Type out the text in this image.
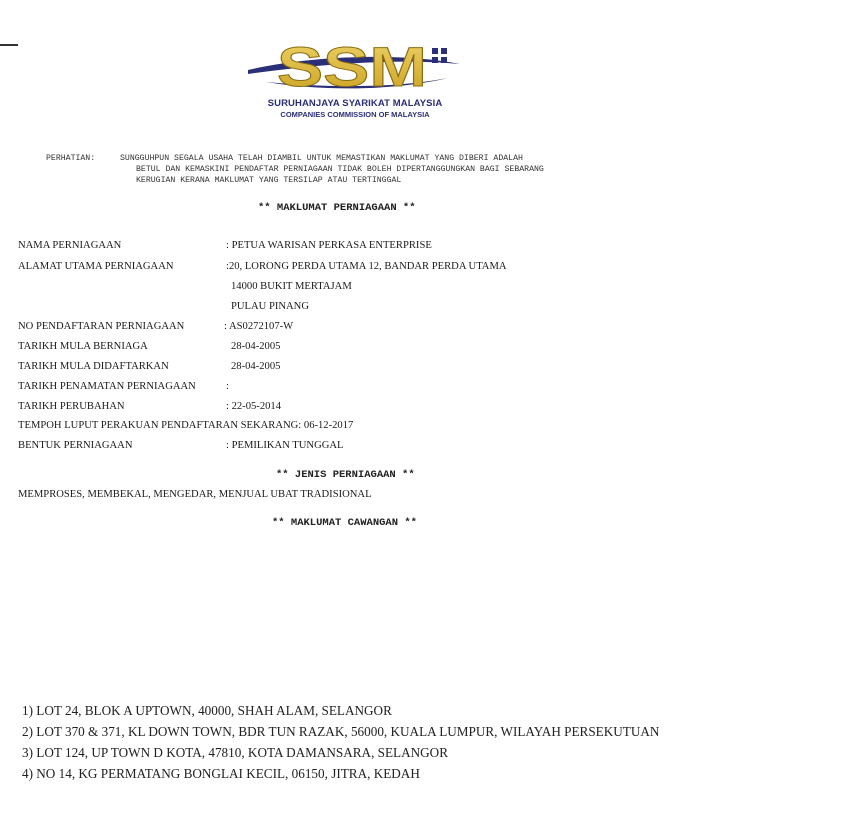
SSM
SURUHANJAYA SYARIKAT MALAYSIA
COMPANIES COMMISSION OF MALAYSIA
PERHATIAN:	SUNGGUHPUN SEGALA USAHA TELAH DIAMBIL UNTUK MEMASTIKAN MAKLUMAT YANG DIBERI ADALAH
BETUL DAN KEMASKINI PENDAFTAR PERNIAGAAN TIDAK BOLEH DIPERTANGGUNGKAN BAGI SEBARANG
KERUGIAN KERANA MAKLUMAT YANG TERSILAP ATAU TERTINGGAL
** MAKLUMAT PERNIAGAAN **
NAMA PERNIAGAAN	: PETUA WARISAN PERKASA ENTERPRISE
ALAMAT UTAMA PERNIAGAAN	:20, LORONG PERDA UTAMA 12, BANDAR PERDA UTAMA
14000 BUKIT MERTAJAM
PULAU PINANG
NO PENDAFTARAN PERNIAGAAN	: AS0272107-W
TARIKH MULA BERNIAGA	28-04-2005
TARIKH MULA DIDAFTARKAN	28-04-2005
TARIKH PENAMATAN PERNIAGAAN	:
TARIKH PERUBAHAN	: 22-05-2014
TEMPOH LUPUT PERAKUAN PENDAFTARAN SEKARANG: 06-12-2017
BENTUK PERNIAGAAN	: PEMILIKAN TUNGGAL
** JENIS PERNIAGAAN **
MEMPROSES, MEMBEKAL, MENGEDAR, MENJUAL UBAT TRADISIONAL
** MAKLUMAT CAWANGAN **
1) LOT 24, BLOK A UPTOWN, 40000, SHAH ALAM, SELANGOR
2) LOT 370 & 371, KL DOWN TOWN, BDR TUN RAZAK, 56000, KUALA LUMPUR, WILAYAH PERSEKUTUAN
3) LOT 124, UP TOWN D KOTA, 47810, KOTA DAMANSARA, SELANGOR
4) NO 14, KG PERMATANG BONGLAI KECIL, 06150, JITRA, KEDAH
